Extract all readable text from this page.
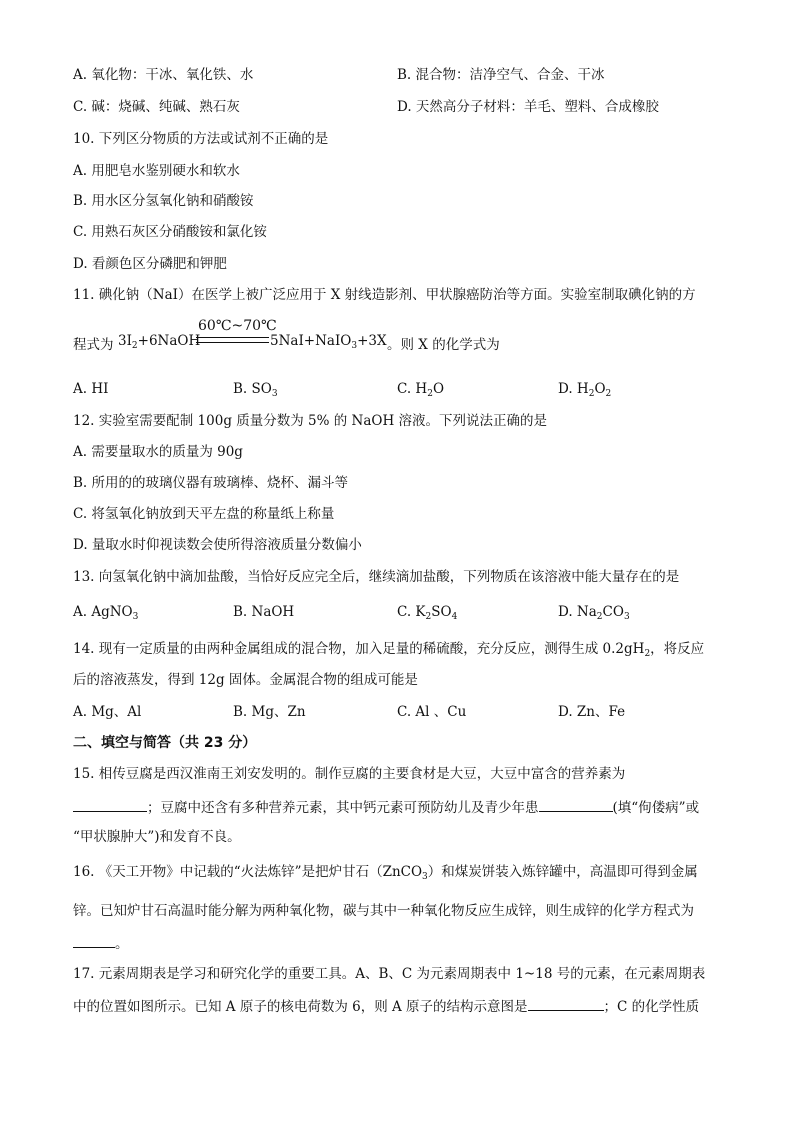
A. 氧化物：干冰、氧化铁、水	B. 混合物：洁净空气、合金、干冰
C. 碱：烧碱、纯碱、熟石灰	D. 天然高分子材料：羊毛、塑料、合成橡胶
10. 下列区分物质的方法或试剂不正确的是
A. 用肥皂水鉴别硬水和软水
B. 用水区分氢氧化钠和硝酸铵
C. 用熟石灰区分硝酸铵和氯化铵
D. 看颜色区分磷肥和钾肥
11. 碘化钠（NaI）在医学上被广泛应用于 X 射线造影剂、甲状腺癌防治等方面。实验室制取碘化钠的方
程式为 $3I_2+6NaOH$
60℃~70℃
5NaI+NaIO$_3$+3X 。则 X 的化学式为
A. HI	B. $SO_3$	C. $H_2O$	D. $H_2O_2$
12. 实验室需要配制 100g 质量分数为 5% 的 NaOH 溶液。下列说法正确的是
A. 需要量取水的质量为 90g
B. 所用的的玻璃仪器有玻璃棒、烧杯、漏斗等
C. 将氢氧化钠放到天平左盘的称量纸上称量
D. 量取水时仰视读数会使所得溶液质量分数偏小
13. 向氢氧化钠中滴加盐酸，当恰好反应完全后，继续滴加盐酸，下列物质在该溶液中能大量存在的是
A. AgNO$_3$	B. NaOH	C. $K_2SO_4$	D. $Na_2CO_3$
14. 现有一定质量的由两种金属组成的混合物，加入足量的稀硫酸，充分反应，测得生成 $0.2gH_2$，将反应
后的溶液蒸发，得到 12g 固体。金属混合物的组成可能是
A. Mg、Al	B. Mg、Zn	C. Al 、Cu	D. Zn、Fe
二、填空与简答（共 23 分）
15. 相传豆腐是西汉淮南王刘安发明的。制作豆腐的主要食材是大豆，大豆中富含的营养素为
；豆腐中还含有多种营养元素，其中钙元素可预防幼儿及青少年患	(填“佝偻病”或
“甲状腺肿大”)和发育不良。
16. 《天工开物》中记载的“火法炼锌”是把炉甘石（ZnCO$_3$）和煤炭饼装入炼锌罐中，高温即可得到金属
锌。已知炉甘石高温时能分解为两种氧化物，碳与其中一种氧化物反应生成锌，则生成锌的化学方程式为
。
17. 元素周期表是学习和研究化学的重要工具。A、B、C 为元素周期表中 1~18 号的元素，在元素周期表
中的位置如图所示。已知 A 原子的核电荷数为 6，则 A 原子的结构示意图是	；C 的化学性质
